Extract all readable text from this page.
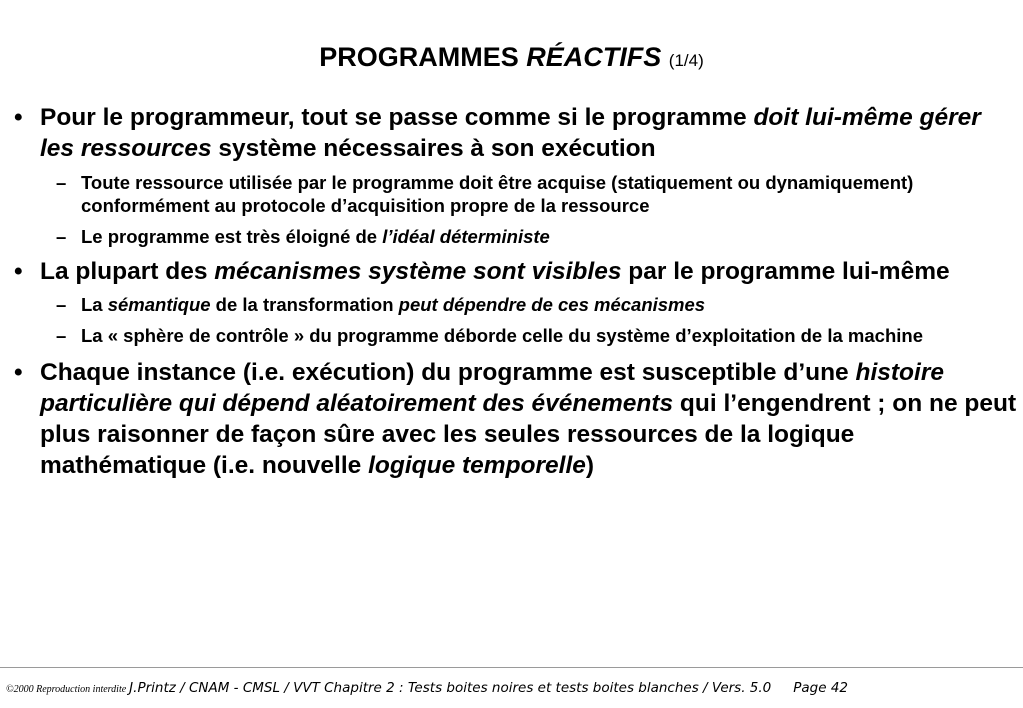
PROGRAMMES RÉACTIFS (1/4)
• Pour le programmeur, tout se passe comme si le programme doit lui-même gérer les ressources système nécessaires à son exécution
– Toute ressource utilisée par le programme doit être acquise (statiquement ou dynamiquement) conformément au protocole d’acquisition propre de la ressource
– Le programme est très éloigné de l’idéal déterministe
• La plupart des mécanismes système sont visibles par le programme lui-même
– La sémantique de la transformation peut dépendre de ces mécanismes
– La « sphère de contrôle » du programme déborde celle du système d’exploitation de la machine
• Chaque instance (i.e. exécution) du programme est susceptible d’une histoire particulière qui dépend aléatoirement des événements qui l’engendrent ; on ne peut plus raisonner de façon sûre avec les seules ressources de la logique mathématique (i.e. nouvelle logique temporelle)
©2000 Reproduction interdite J.Printz / CNAM - CMSL / VVT Chapitre 2 : Tests boites noires et tests boites blanches / Vers. 5.0 Page 42
